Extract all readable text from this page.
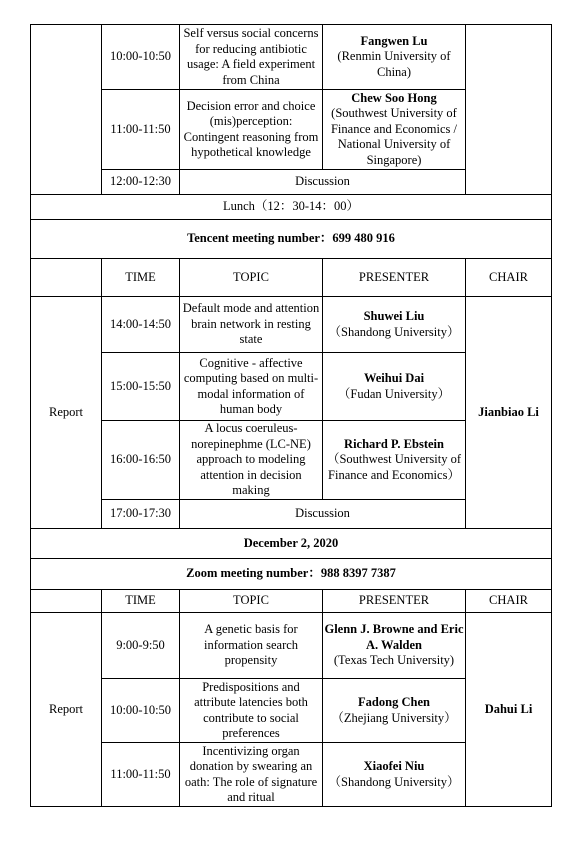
	10:00-10:50	Self versus social concerns for reducing antibiotic usage: A field experiment from China	Fangwen Lu
(Renmin University of China)	

	11:00-11:50	Decision error and choice (mis)perception: Contingent reasoning from hypothetical knowledge	Chew Soo Hong
(Southwest University of Finance and Economics / National University of Singapore)	

	12:00-12:30	Discussion		
Lunch（12：30-14：00）				
Tencent meeting number：699 480 916				
	TIME	TOPIC	PRESENTER	CHAIR
Report	14:00-14:50	Default mode and attention brain network in resting state	Shuwei Liu
（Shandong University）	Jianbiao Li
	15:00-15:50	Cognitive - affective computing based on multi-modal information of human body	Weihui Dai
（Fudan University）	

	16:00-16:50	A locus coeruleus-norepinephme (LC-NE) approach to modeling attention in decision making	Richard P. Ebstein
（Southwest University of Finance and Economics）	

	17:00-17:30	Discussion		
December 2, 2020				
Zoom meeting number：988 8397 7387				
	TIME	TOPIC	PRESENTER	CHAIR
Report	9:00-9:50	A genetic basis for information search propensity	Glenn J. Browne and Eric A. Walden
(Texas Tech University)	Dahui Li
	10:00-10:50	Predispositions and attribute latencies both contribute to social preferences	Fadong Chen
（Zhejiang University）	

	11:00-11:50	Incentivizing organ donation by swearing an oath: The role of signature and ritual	Xiaofei Niu
（Shandong University）	
